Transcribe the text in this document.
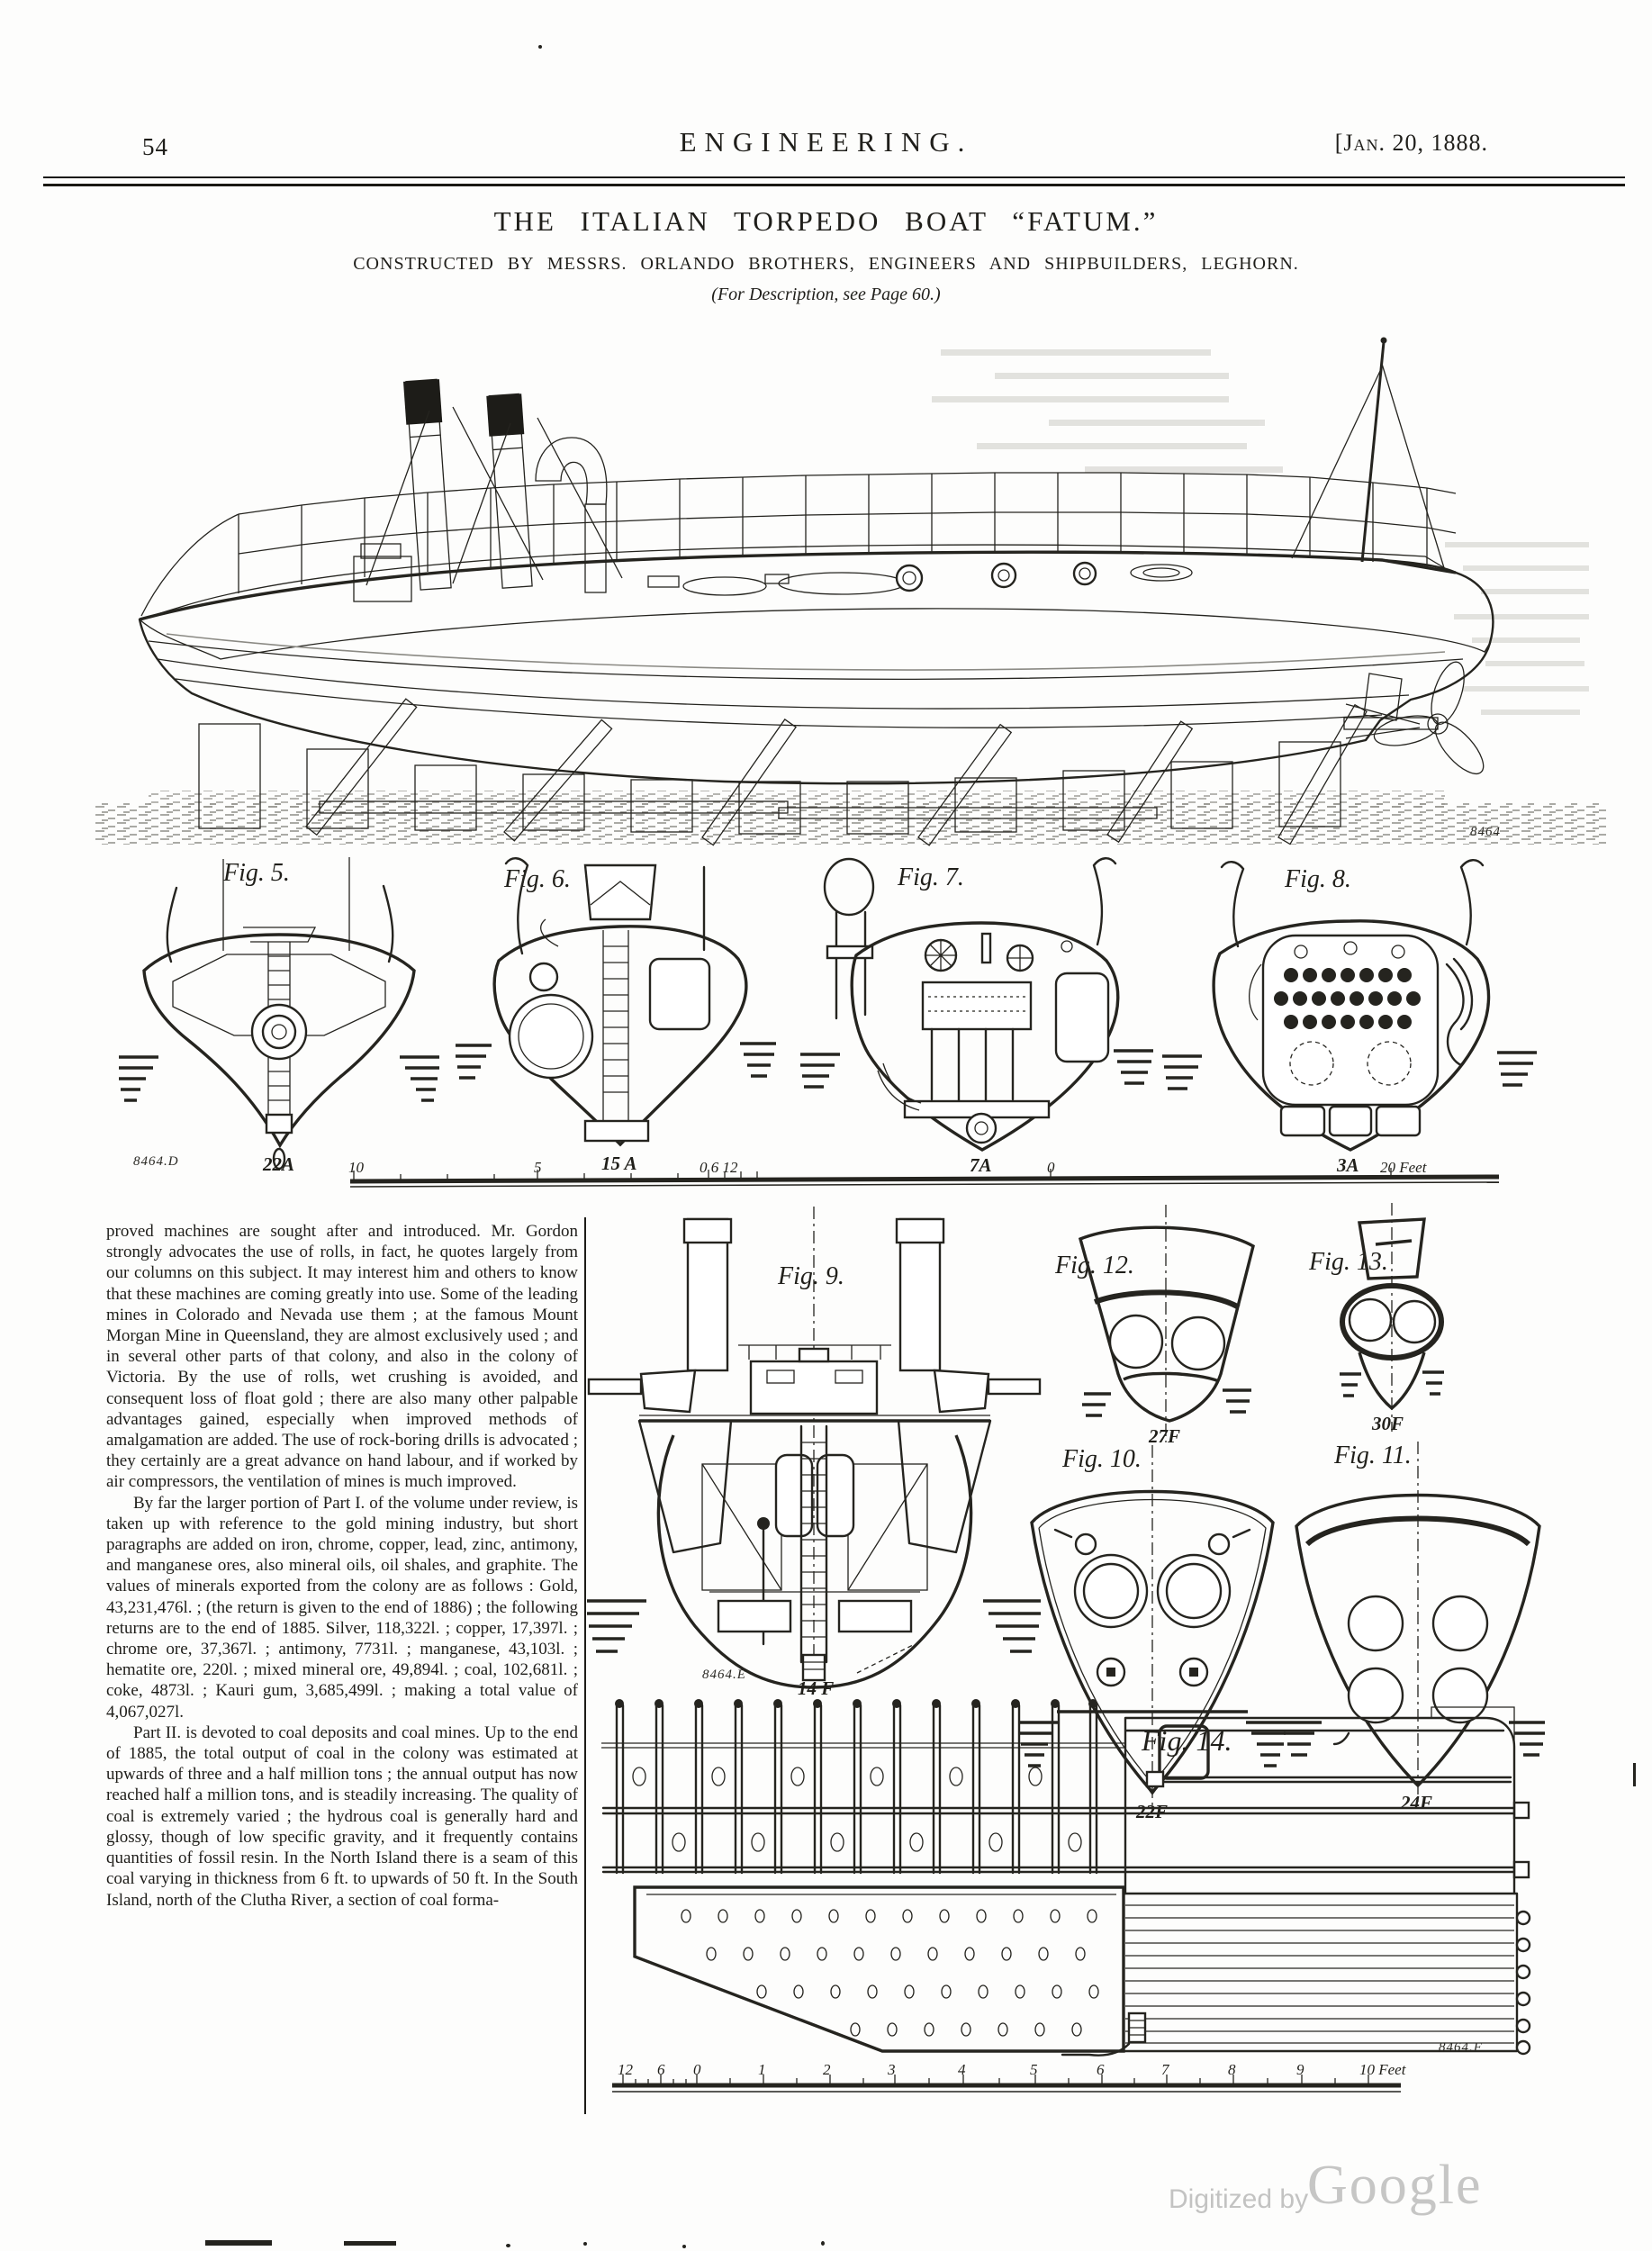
54	ENGINEERING.	[Jan. 20, 1888.
THE ITALIAN TORPEDO BOAT “FATUM.”
CONSTRUCTED BY MESSRS. ORLANDO BROTHERS, ENGINEERS AND SHIPBUILDERS, LEGHORN.
(For Description, see Page 60.)
8464
Fig. 5.
8464.D	22A
Fig. 6.
15 A
Fig. 7.
7A
Fig. 8.
3A
10	5	0 6 12	0	20 Feet

proved machines are sought after and introduced. Mr. Gordon strongly advocates the use of rolls, in fact, he quotes largely from our columns on this subject. It may interest him and others to know that these machines are coming greatly into use. Some of the leading mines in Colorado and Nevada use them ; at the famous Mount Morgan Mine in Queensland, they are almost exclusively used ; and in several other parts of that colony, and also in the colony of Victoria. By the use of rolls, wet crushing is avoided, and consequent loss of float gold ; there are also many other palpable advantages gained, especially when improved methods of amalgamation are added. The use of rock-boring drills is advocated ; they certainly are a great advance on hand labour, and if worked by air compressors, the ventilation of mines is much improved.

By far the larger portion of Part I. of the volume under review, is taken up with reference to the gold mining industry, but short paragraphs are added on iron, chrome, copper, lead, zinc, antimony, and manganese ores, also mineral oils, oil shales, and graphite. The values of minerals exported from the colony are as follows : Gold, 43,231,476l. ; (the return is given to the end of 1886) ; the following returns are to the end of 1885. Silver, 118,322l. ; copper, 17,397l. ; chrome ore, 37,367l. ; antimony, 7731l. ; manganese, 43,103l. ; hematite ore, 220l. ; mixed mineral ore, 49,894l. ; coal, 102,681l. ; coke, 4873l. ; Kauri gum, 3,685,499l. ; making a total value of 4,067,027l.

Part II. is devoted to coal deposits and coal mines. Up to the end of 1885, the total output of coal in the colony was estimated at upwards of three and a half million tons ; the annual output has now reached half a million tons, and is steadily increasing. The quality of coal is extremely varied ; the hydrous coal is generally hard and glossy, though of low specific gravity, and it frequently contains quantities of fossil resin. In the North Island there is a seam of this coal varying in thickness from 6 ft. to upwards of 50 ft. In the South Island, north of the Clutha River, a section of coal forma-

Fig. 9.
8464.E
14 F
Fig. 12.
27F
Fig. 13.
30F
Fig. 10.
22F
Fig. 11.
24F
Fig. 14.
8464.F
12 6 0	1	2	3	4	5	6	7	8	9	10 Feet
Digitized by
Google
